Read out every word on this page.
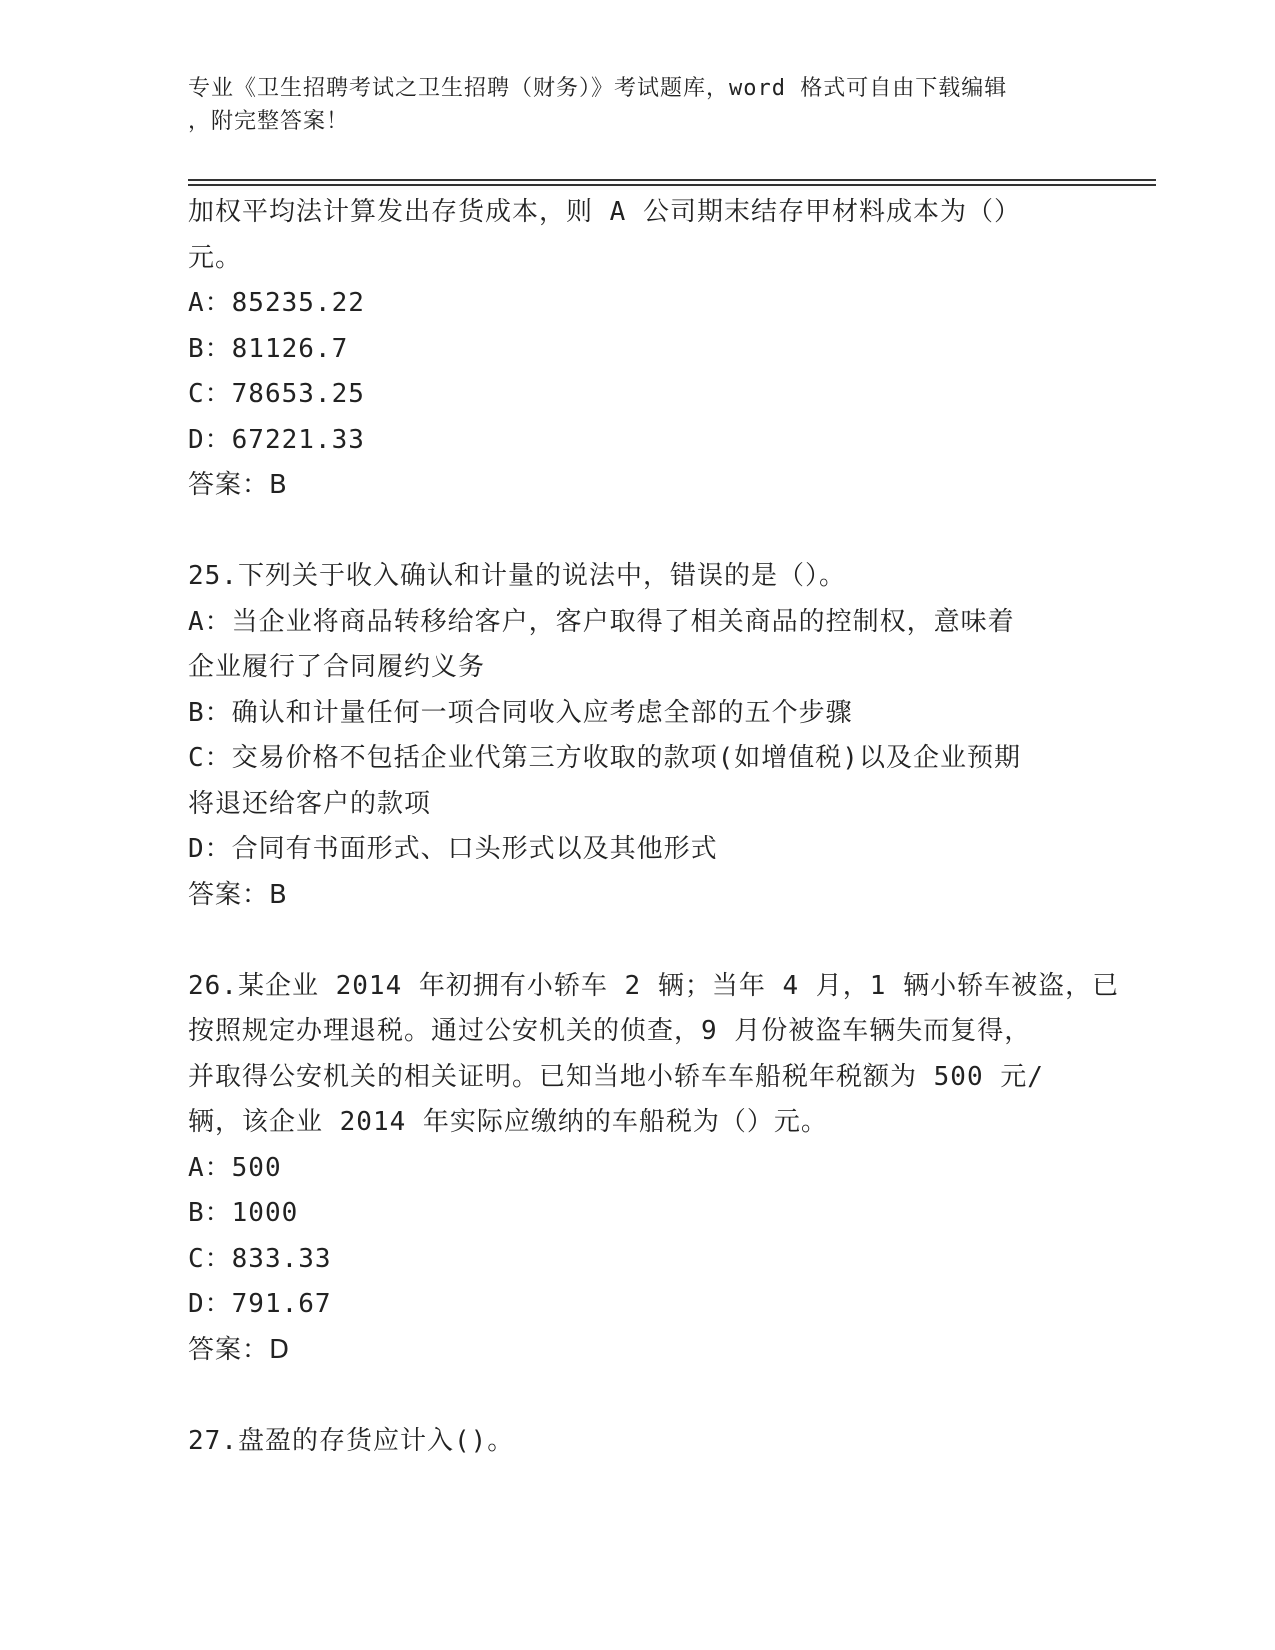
专业《卫生招聘考试之卫生招聘（财务）》考试题库，word 格式可自由下载编辑
，附完整答案！
加权平均法计算发出存货成本，则 A 公司期末结存甲材料成本为（）
元。
A：85235.22
B：81126.7
C：78653.25
D：67221.33
答案：B
25.下列关于收入确认和计量的说法中，错误的是（）。
A：当企业将商品转移给客户，客户取得了相关商品的控制权，意味着
企业履行了合同履约义务
B：确认和计量任何一项合同收入应考虑全部的五个步骤
C：交易价格不包括企业代第三方收取的款项(如增值税)以及企业预期
将退还给客户的款项
D：合同有书面形式、口头形式以及其他形式
答案：B
26.某企业 2014 年初拥有小轿车 2 辆；当年 4 月，1 辆小轿车被盗，已
按照规定办理退税。通过公安机关的侦查，9 月份被盗车辆失而复得，
并取得公安机关的相关证明。已知当地小轿车车船税年税额为 500 元/
辆，该企业 2014 年实际应缴纳的车船税为（）元。
A：500
B：1000
C：833.33
D：791.67
答案：D
27.盘盈的存货应计入()。
